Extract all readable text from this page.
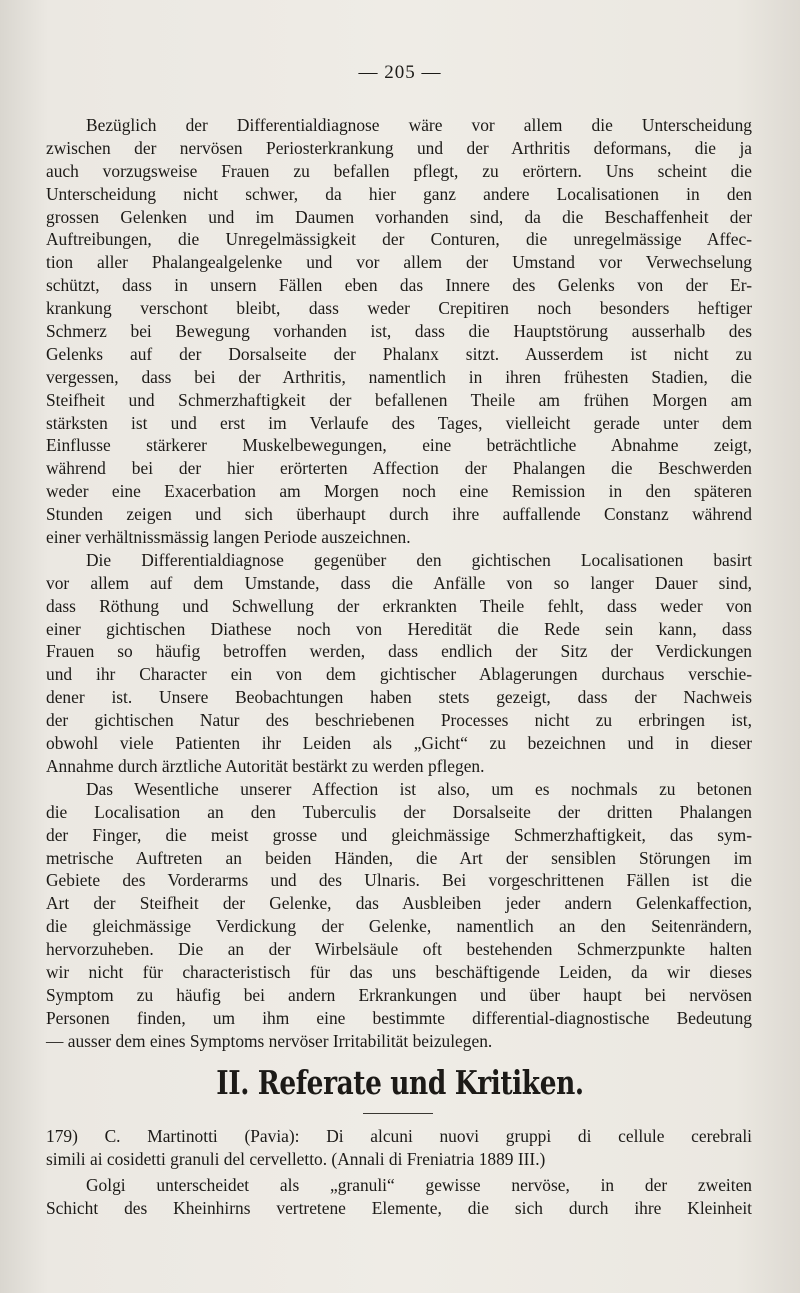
— 205 —
Bezüglich der Differentialdiagnose wäre vor allem die Unterscheidung
zwischen der nervösen Periosterkrankung und der Arthritis deformans, die ja
auch vorzugsweise Frauen zu befallen pflegt, zu erörtern. Uns scheint die
Unterscheidung nicht schwer, da hier ganz andere Localisationen in den
grossen Gelenken und im Daumen vorhanden sind, da die Beschaffenheit der
Auftreibungen, die Unregelmässigkeit der Conturen, die unregelmässige Affec-
tion aller Phalangealgelenke und vor allem der Umstand vor Verwechselung
schützt, dass in unsern Fällen eben das Innere des Gelenks von der Er-
krankung verschont bleibt, dass weder Crepitiren noch besonders heftiger
Schmerz bei Bewegung vorhanden ist, dass die Hauptstörung ausserhalb des
Gelenks auf der Dorsalseite der Phalanx sitzt. Ausserdem ist nicht zu
vergessen, dass bei der Arthritis, namentlich in ihren frühesten Stadien, die
Steifheit und Schmerzhaftigkeit der befallenen Theile am frühen Morgen am
stärksten ist und erst im Verlaufe des Tages, vielleicht gerade unter dem
Einflusse stärkerer Muskelbewegungen, eine beträchtliche Abnahme zeigt,
während bei der hier erörterten Affection der Phalangen die Beschwerden
weder eine Exacerbation am Morgen noch eine Remission in den späteren
Stunden zeigen und sich überhaupt durch ihre auffallende Constanz während
einer verhältnissmässig langen Periode auszeichnen.
Die Differentialdiagnose gegenüber den gichtischen Localisationen basirt
vor allem auf dem Umstande, dass die Anfälle von so langer Dauer sind,
dass Röthung und Schwellung der erkrankten Theile fehlt, dass weder von
einer gichtischen Diathese noch von Heredität die Rede sein kann, dass
Frauen so häufig betroffen werden, dass endlich der Sitz der Verdickungen
und ihr Character ein von dem gichtischer Ablagerungen durchaus verschie-
dener ist. Unsere Beobachtungen haben stets gezeigt, dass der Nachweis
der gichtischen Natur des beschriebenen Processes nicht zu erbringen ist,
obwohl viele Patienten ihr Leiden als „Gicht“ zu bezeichnen und in dieser
Annahme durch ärztliche Autorität bestärkt zu werden pflegen.
Das Wesentliche unserer Affection ist also, um es nochmals zu betonen
die Localisation an den Tuberculis der Dorsalseite der dritten Phalangen
der Finger, die meist grosse und gleichmässige Schmerzhaftigkeit, das sym-
metrische Auftreten an beiden Händen, die Art der sensiblen Störungen im
Gebiete des Vorderarms und des Ulnaris. Bei vorgeschrittenen Fällen ist die
Art der Steifheit der Gelenke, das Ausbleiben jeder andern Gelenkaffection,
die gleichmässige Verdickung der Gelenke, namentlich an den Seitenrändern,
hervorzuheben. Die an der Wirbelsäule oft bestehenden Schmerzpunkte halten
wir nicht für characteristisch für das uns beschäftigende Leiden, da wir dieses
Symptom zu häufig bei andern Erkrankungen und über haupt bei nervösen
Personen finden, um ihm eine bestimmte differential-diagnostische Bedeutung
— ausser dem eines Symptoms nervöser Irritabilität beizulegen.
II. Referate und Kritiken.
179) C. Martinotti (Pavia): Di alcuni nuovi gruppi di cellule cerebrali
simili ai cosidetti granuli del cervelletto. (Annali di Freniatria 1889 III.)
Golgi unterscheidet als „granuli“ gewisse nervöse, in der zweiten
Schicht des Kheinhirns vertretene Elemente, die sich durch ihre Kleinheit
